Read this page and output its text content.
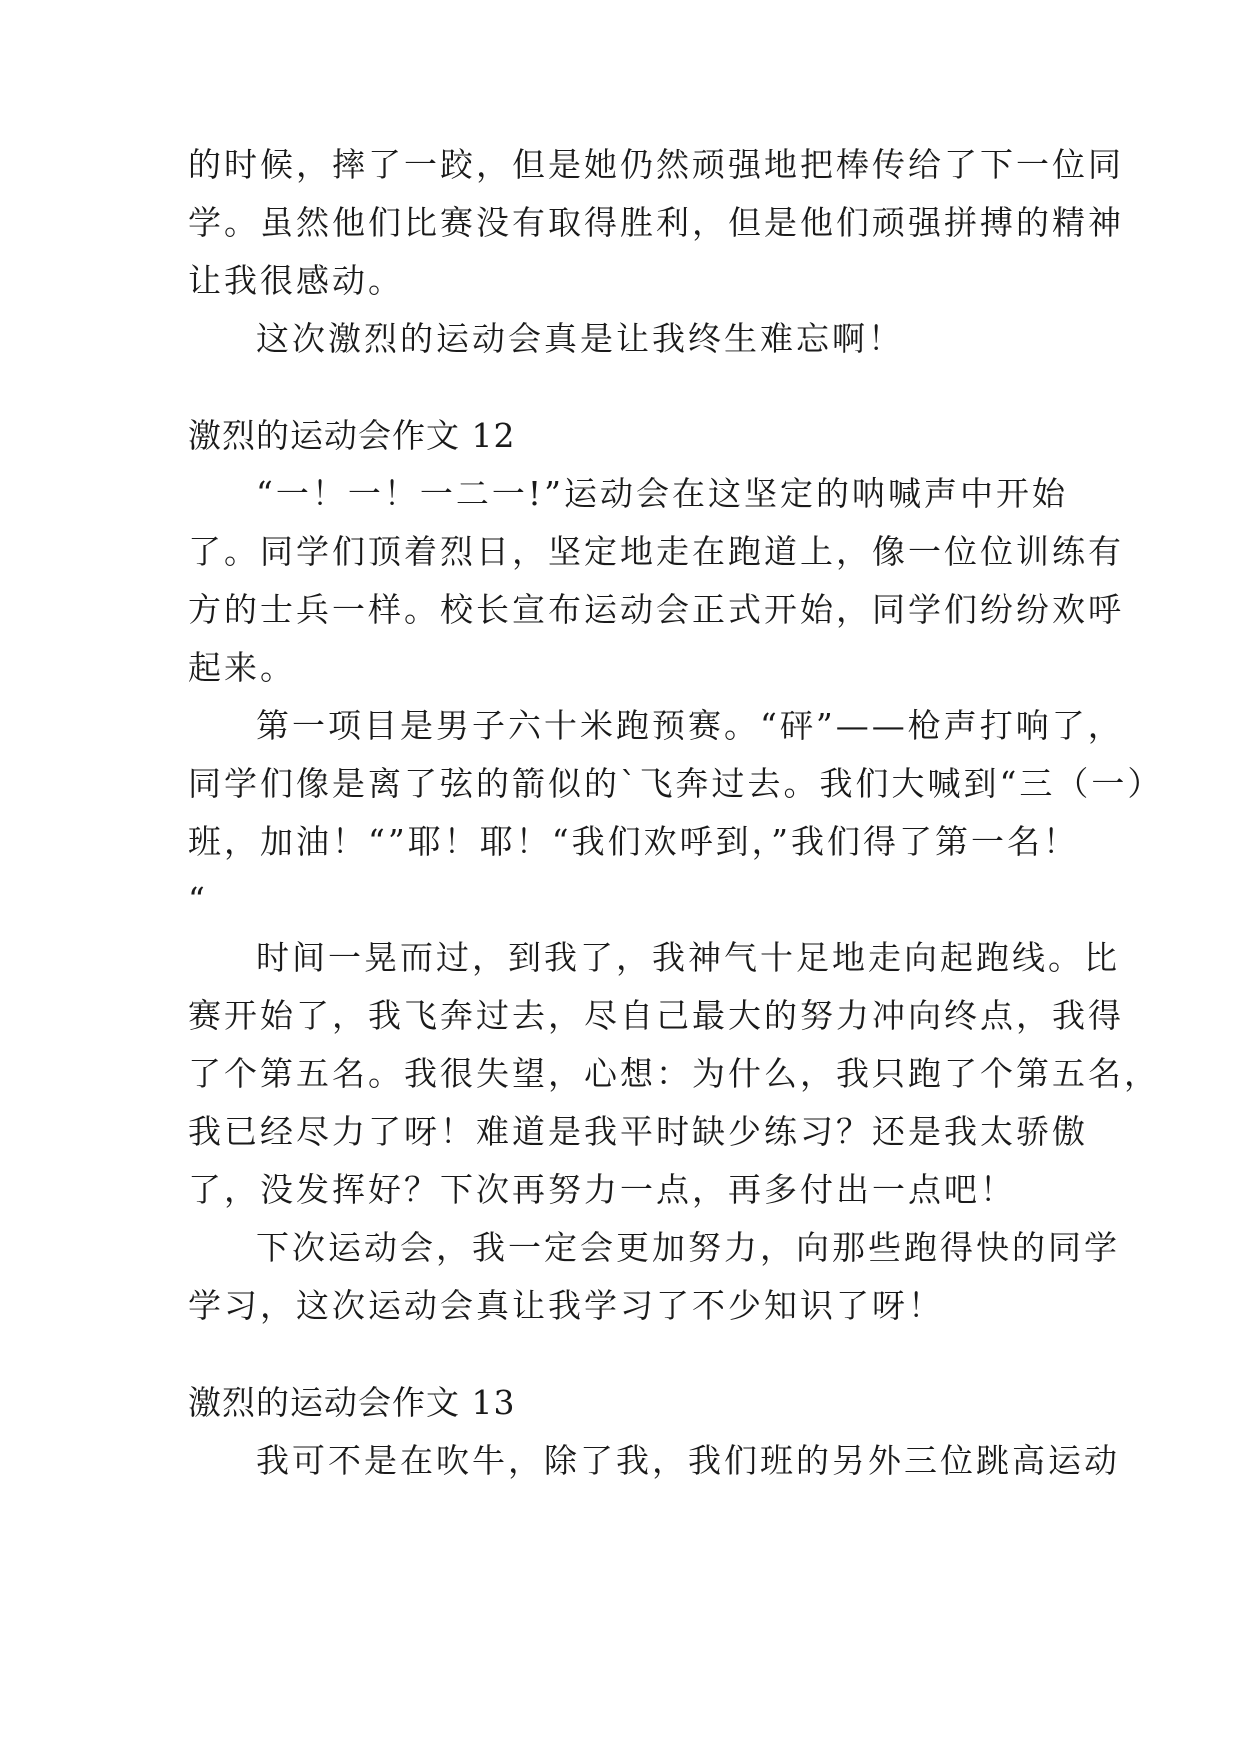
的时候，摔了一跤，但是她仍然顽强地把棒传给了下一位同
学。虽然他们比赛没有取得胜利，但是他们顽强拼搏的精神
让我很感动。
这次激烈的运动会真是让我终生难忘啊！
激烈的运动会作文 12
“一！一！一二一!”运动会在这坚定的呐喊声中开始
了。同学们顶着烈日，坚定地走在跑道上，像一位位训练有
方的士兵一样。校长宣布运动会正式开始，同学们纷纷欢呼
起来。
第一项目是男子六十米跑预赛。“砰”——枪声打响了，
同学们像是离了弦的箭似的`飞奔过去。我们大喊到“三（一）
班，加油！“”耶！耶！“我们欢呼到，”我们得了第一名！
“
时间一晃而过，到我了，我神气十足地走向起跑线。比
赛开始了，我飞奔过去，尽自己最大的努力冲向终点，我得
了个第五名。我很失望，心想：为什么，我只跑了个第五名，
我已经尽力了呀！难道是我平时缺少练习？还是我太骄傲
了，没发挥好？下次再努力一点，再多付出一点吧！
下次运动会，我一定会更加努力，向那些跑得快的同学
学习，这次运动会真让我学习了不少知识了呀！
激烈的运动会作文 13
我可不是在吹牛，除了我，我们班的另外三位跳高运动
